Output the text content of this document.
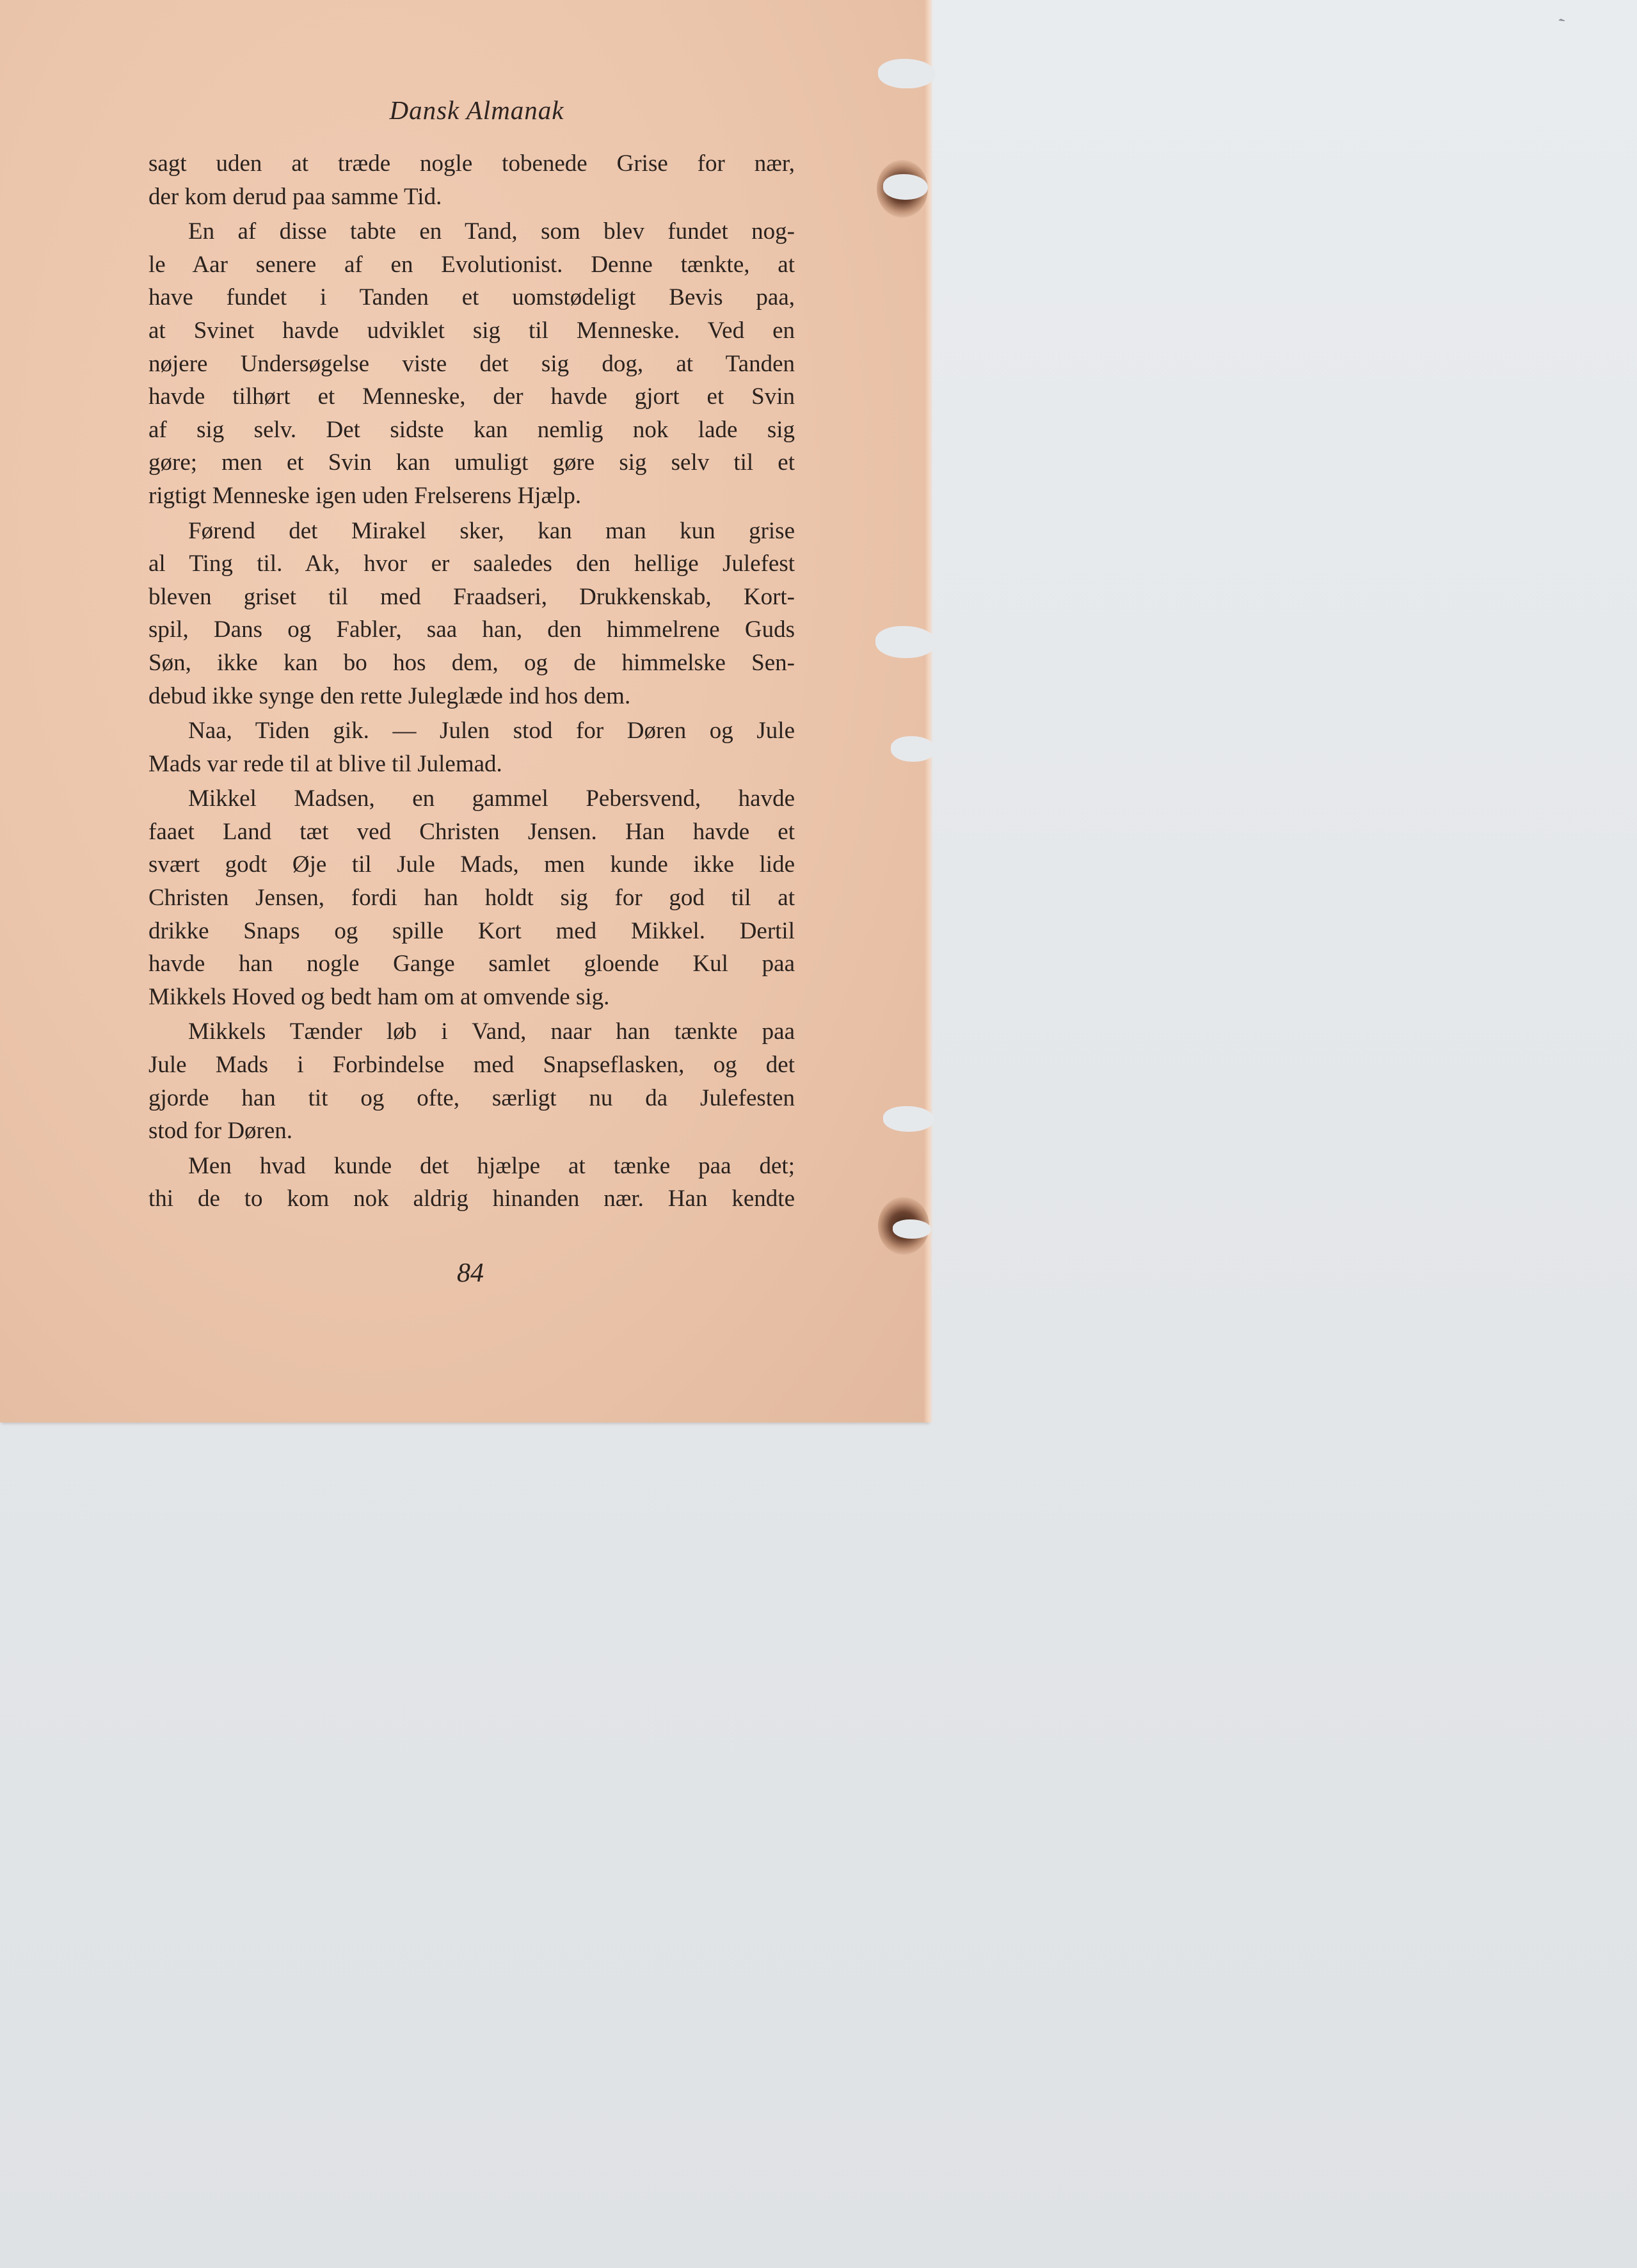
ˋ
Dansk Almanak

sagt uden at træde nogle tobenede Grise for nær,
der kom derud paa samme Tid.

En af disse tabte en Tand, som blev fundet nog-
le Aar senere af en Evolutionist. Denne tænkte, at
have fundet i Tanden et uomstødeligt Bevis paa,
at Svinet havde udviklet sig til Menneske. Ved en
nøjere Undersøgelse viste det sig dog, at Tanden
havde tilhørt et Menneske, der havde gjort et Svin
af sig selv. Det sidste kan nemlig nok lade sig
gøre; men et Svin kan umuligt gøre sig selv til et
rigtigt Menneske igen uden Frelserens Hjælp.

Førend det Mirakel sker, kan man kun grise
al Ting til. Ak, hvor er saaledes den hellige Julefest
bleven griset til med Fraadseri, Drukkenskab, Kort-
spil, Dans og Fabler, saa han, den himmelrene Guds
Søn, ikke kan bo hos dem, og de himmelske Sen-
debud ikke synge den rette Juleglæde ind hos dem.

Naa, Tiden gik. — Julen stod for Døren og Jule
Mads var rede til at blive til Julemad.

Mikkel Madsen, en gammel Pebersvend, havde
faaet Land tæt ved Christen Jensen. Han havde et
svært godt Øje til Jule Mads, men kunde ikke lide
Christen Jensen, fordi han holdt sig for god til at
drikke Snaps og spille Kort med Mikkel. Dertil
havde han nogle Gange samlet gloende Kul paa
Mikkels Hoved og bedt ham om at omvende sig.

Mikkels Tænder løb i Vand, naar han tænkte paa
Jule Mads i Forbindelse med Snapseflasken, og det
gjorde han tit og ofte, særligt nu da Julefesten
stod for Døren.

Men hvad kunde det hjælpe at tænke paa det;
thi de to kom nok aldrig hinanden nær. Han kendte

84
